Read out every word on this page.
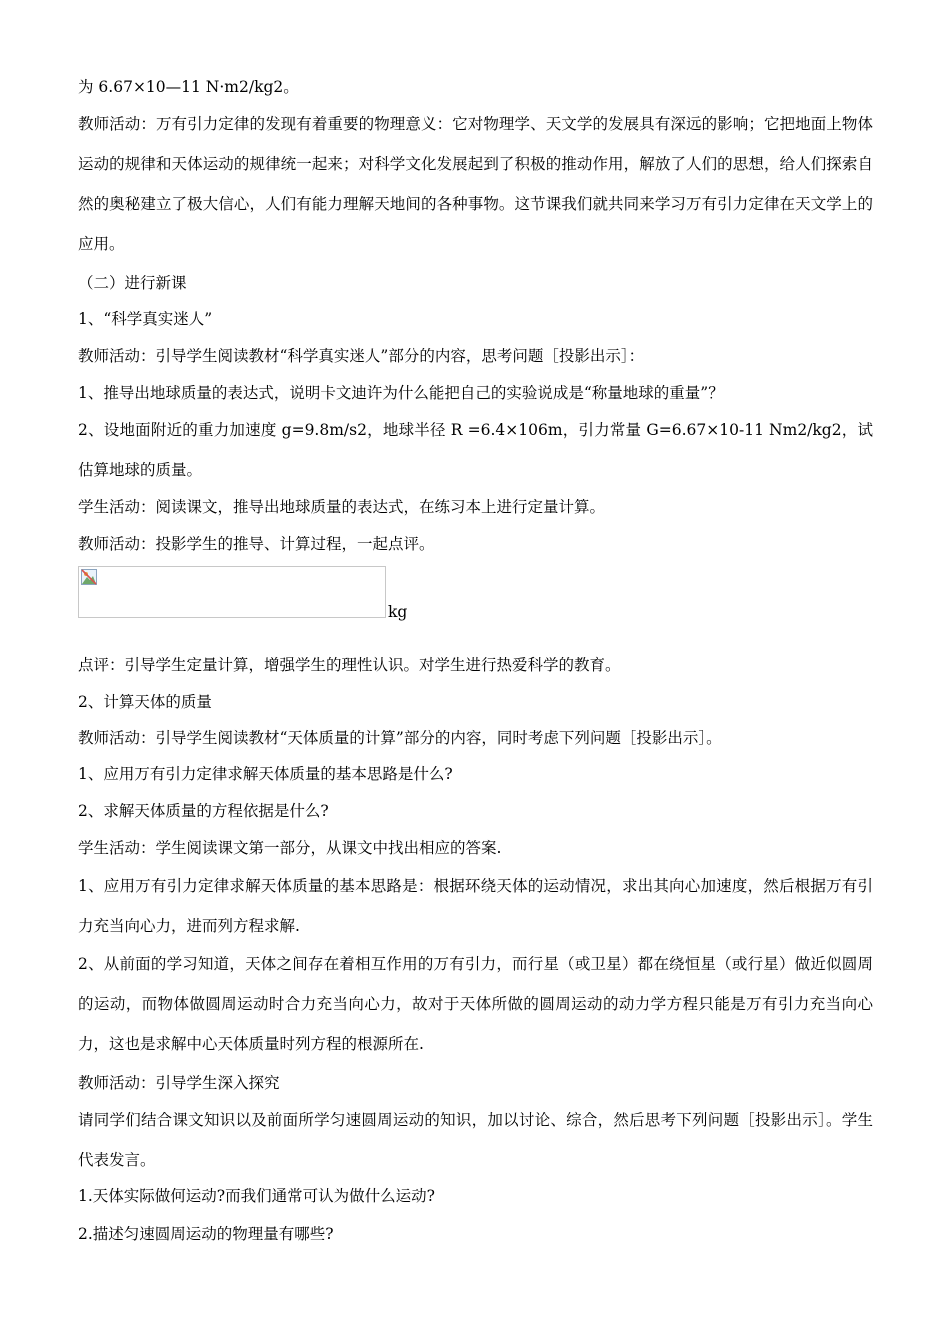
为 6.67×10—11 N·m2/kg2。

教师活动：万有引力定律的发现有着重要的物理意义：它对物理学、天文学的发展具有深远的影响；它把地面上物体运动的规律和天体运动的规律统一起来；对科学文化发展起到了积极的推动作用，解放了人们的思想，给人们探索自然的奥秘建立了极大信心，人们有能力理解天地间的各种事物。这节课我们就共同来学习万有引力定律在天文学上的应用。

（二）进行新课

1、“科学真实迷人”

教师活动：引导学生阅读教材“科学真实迷人”部分的内容，思考问题［投影出示］：

1、推导出地球质量的表达式，说明卡文迪许为什么能把自己的实验说成是“称量地球的重量”？

2、设地面附近的重力加速度 g=9.8m/s2，地球半径 R =6.4×106m，引力常量 G=6.67×10-11 Nm2/kg2，试估算地球的质量。

学生活动：阅读课文，推导出地球质量的表达式，在练习本上进行定量计算。

教师活动：投影学生的推导、计算过程，一起点评。

kg

点评：引导学生定量计算，增强学生的理性认识。对学生进行热爱科学的教育。

2、计算天体的质量

教师活动：引导学生阅读教材“天体质量的计算”部分的内容，同时考虑下列问题［投影出示］。

1、应用万有引力定律求解天体质量的基本思路是什么?

2、求解天体质量的方程依据是什么?

学生活动：学生阅读课文第一部分，从课文中找出相应的答案.

1、应用万有引力定律求解天体质量的基本思路是：根据环绕天体的运动情况，求出其向心加速度，然后根据万有引力充当向心力，进而列方程求解.

2、从前面的学习知道，天体之间存在着相互作用的万有引力，而行星（或卫星）都在绕恒星（或行星）做近似圆周的运动，而物体做圆周运动时合力充当向心力，故对于天体所做的圆周运动的动力学方程只能是万有引力充当向心力，这也是求解中心天体质量时列方程的根源所在.

教师活动：引导学生深入探究

请同学们结合课文知识以及前面所学匀速圆周运动的知识，加以讨论、综合，然后思考下列问题［投影出示］。学生代表发言。

1.天体实际做何运动?而我们通常可认为做什么运动?

2.描述匀速圆周运动的物理量有哪些?
